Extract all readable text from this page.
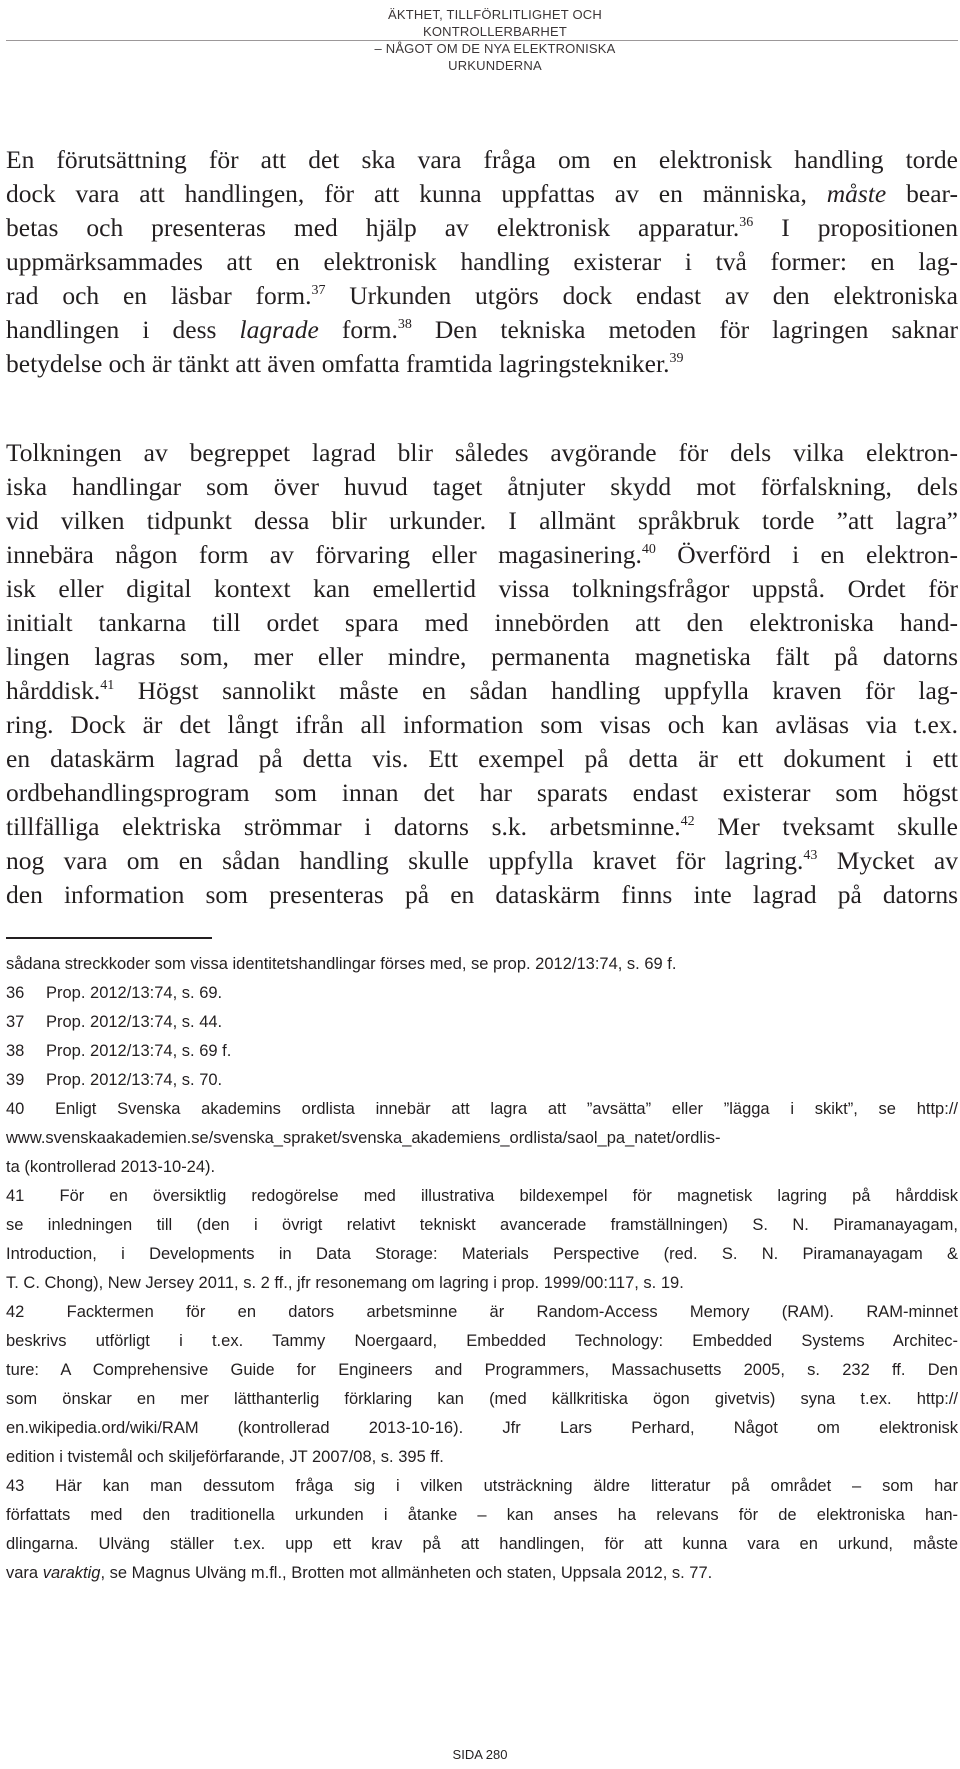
ÄKTHET, TILLFÖRLITLIGHET OCH KONTROLLERBARHET
– NÅGOT OM DE NYA ELEKTRONISKA URKUNDERNA
En förutsättning för att det ska vara fråga om en elektronisk handling torde
dock vara att handlingen, för att kunna uppfattas av en människa, måste bear-
betas och presenteras med hjälp av elektronisk apparatur.$^{36}$ I propositionen
uppmärksammades att en elektronisk handling existerar i två former: en lag-
rad och en läsbar form.$^{37}$ Urkunden utgörs dock endast av den elektroniska
handlingen i dess lagrade form.$^{38}$ Den tekniska metoden för lagringen saknar
betydelse och är tänkt att även omfatta framtida lagringstekniker.$^{39}$
Tolkningen av begreppet lagrad blir således avgörande för dels vilka elektron-
iska handlingar som över huvud taget åtnjuter skydd mot förfalskning, dels
vid vilken tidpunkt dessa blir urkunder. I allmänt språkbruk torde ”att lagra”
innebära någon form av förvaring eller magasinering.$^{40}$ Överförd i en elektron-
isk eller digital kontext kan emellertid vissa tolkningsfrågor uppstå. Ordet för
initialt tankarna till ordet spara med innebörden att den elektroniska hand-
lingen lagras som, mer eller mindre, permanenta magnetiska fält på datorns
hårddisk.$^{41}$ Högst sannolikt måste en sådan handling uppfylla kraven för lag-
ring. Dock är det långt ifrån all information som visas och kan avläsas via t.ex.
en dataskärm lagrad på detta vis. Ett exempel på detta är ett dokument i ett
ordbehandlingsprogram som innan det har sparats endast existerar som högst
tillfälliga elektriska strömmar i datorns s.k. arbetsminne.$^{42}$ Mer tveksamt skulle
nog vara om en sådan handling skulle uppfylla kravet för lagring.$^{43}$ Mycket av
den information som presenteras på en dataskärm finns inte lagrad på datorns
sådana streckkoder som vissa identitetshandlingar förses med, se prop. 2012/13:74, s. 69 f.
36 Prop. 2012/13:74, s. 69.
37 Prop. 2012/13:74, s. 44.
38 Prop. 2012/13:74, s. 69 f.
39 Prop. 2012/13:74, s. 70.
40 Enligt Svenska akademins ordlista innebär att lagra att ”avsätta” eller ”lägga i skikt”, se http://
www.svenskaakademien.se/svenska_spraket/svenska_akademiens_ordlista/saol_pa_natet/ordlis-
ta (kontrollerad 2013-10-24).
41 För en översiktlig redogörelse med illustrativa bildexempel för magnetisk lagring på hårddisk
se inledningen till (den i övrigt relativt tekniskt avancerade framställningen) S. N. Piramanayagam,
Introduction, i Developments in Data Storage: Materials Perspective (red. S. N. Piramanayagam &
T. C. Chong), New Jersey 2011, s. 2 ff., jfr resonemang om lagring i prop. 1999/00:117, s. 19.
42	Facktermen för en dators arbetsminne är Random-Access Memory (RAM). RAM-minnet
beskrivs utförligt i t.ex. Tammy Noergaard, Embedded Technology: Embedded Systems Architec-
ture: A Comprehensive Guide for Engineers and Programmers, Massachusetts 2005, s. 232 ff. Den
som önskar en mer lätthanterlig förklaring kan (med källkritiska ögon givetvis) syna t.ex. http://
en.wikipedia.ord/wiki/RAM (kontrollerad 2013-10-16). Jfr Lars Perhard, Något om elektronisk
edition i tvistemål och skiljeförfarande, JT 2007/08, s. 395 ff.
43 Här kan man dessutom fråga sig i vilken utsträckning äldre litteratur på området – som har
författats med den traditionella urkunden i åtanke – kan anses ha relevans för de elektroniska han-
dlingarna. Ulväng ställer t.ex. upp ett krav på att handlingen, för att kunna vara en urkund, måste
vara varaktig, se Magnus Ulväng m.fl., Brotten mot allmänheten och staten, Uppsala 2012, s. 77.
SIDA 280
